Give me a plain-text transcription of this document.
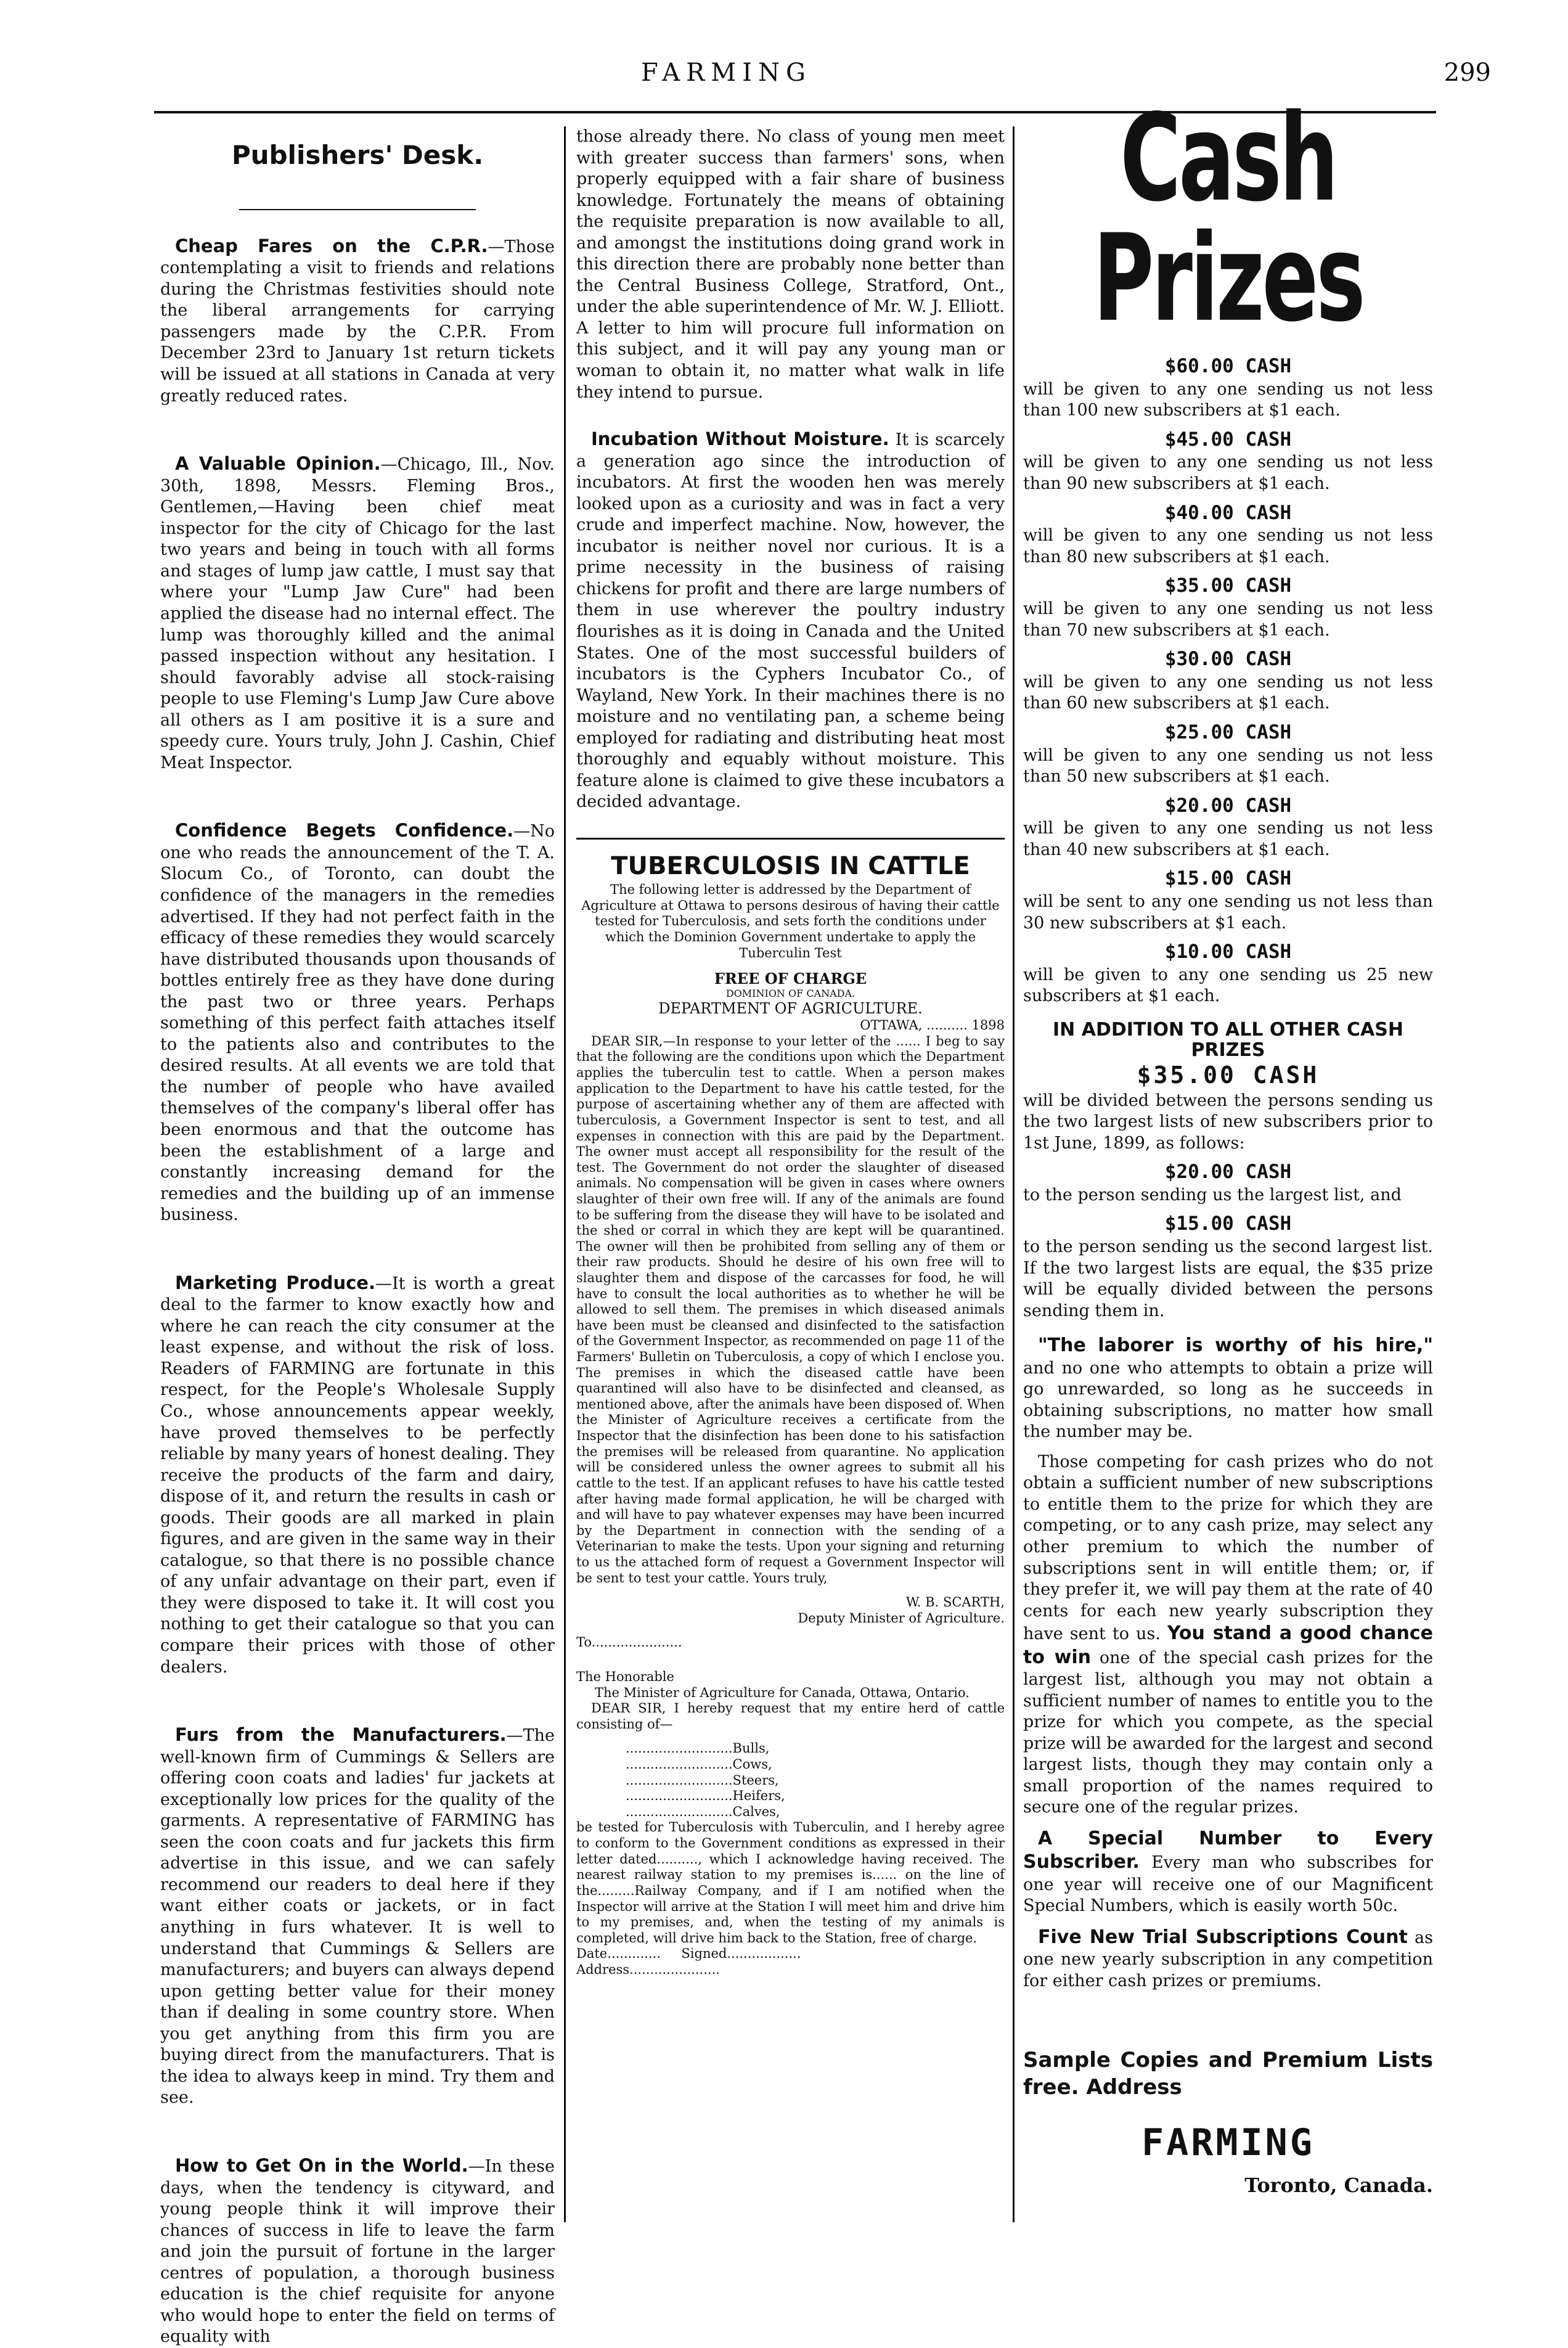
FARMING	299
Publishers' Desk.

Cheap Fares on the C.P.R.—Those contemplating a visit to friends and relations during the Christmas festivities should note the liberal arrangements for carrying passengers made by the C.P.R. From December 23rd to January 1st return tickets will be issued at all stations in Canada at very greatly reduced rates.

A Valuable Opinion.—Chicago, Ill., Nov. 30th, 1898, Messrs. Fleming Bros., Gentlemen,—Having been chief meat inspector for the city of Chicago for the last two years and being in touch with all forms and stages of lump jaw cattle, I must say that where your "Lump Jaw Cure" had been applied the disease had no internal effect. The lump was thoroughly killed and the animal passed inspection without any hesitation. I should favorably advise all stock-raising people to use Fleming's Lump Jaw Cure above all others as I am positive it is a sure and speedy cure. Yours truly, John J. Cashin, Chief Meat Inspector.

Confidence Begets Confidence.—No one who reads the announcement of the T. A. Slocum Co., of Toronto, can doubt the confidence of the managers in the remedies advertised. If they had not perfect faith in the efficacy of these remedies they would scarcely have distributed thousands upon thousands of bottles entirely free as they have done during the past two or three years. Perhaps something of this perfect faith attaches itself to the patients also and contributes to the desired results. At all events we are told that the number of people who have availed themselves of the company's liberal offer has been enormous and that the outcome has been the establishment of a large and constantly increasing demand for the remedies and the building up of an immense business.

Marketing Produce.—It is worth a great deal to the farmer to know exactly how and where he can reach the city consumer at the least expense, and without the risk of loss. Readers of FARMING are fortunate in this respect, for the People's Wholesale Supply Co., whose announcements appear weekly, have proved themselves to be perfectly reliable by many years of honest dealing. They receive the products of the farm and dairy, dispose of it, and return the results in cash or goods. Their goods are all marked in plain figures, and are given in the same way in their catalogue, so that there is no possible chance of any unfair advantage on their part, even if they were disposed to take it. It will cost you nothing to get their catalogue so that you can compare their prices with those of other dealers.

Furs from the Manufacturers.—The well-known firm of Cummings & Sellers are offering coon coats and ladies' fur jackets at exceptionally low prices for the quality of the garments. A representative of FARMING has seen the coon coats and fur jackets this firm advertise in this issue, and we can safely recommend our readers to deal here if they want either coats or jackets, or in fact anything in furs whatever. It is well to understand that Cummings & Sellers are manufacturers; and buyers can always depend upon getting better value for their money than if dealing in some country store. When you get anything from this firm you are buying direct from the manufacturers. That is the idea to always keep in mind. Try them and see.

How to Get On in the World.—In these days, when the tendency is cityward, and young people think it will improve their chances of success in life to leave the farm and join the pursuit of fortune in the larger centres of population, a thorough business education is the chief requisite for anyone who would hope to enter the field on terms of equality with

those already there. No class of young men meet with greater success than farmers' sons, when properly equipped with a fair share of business knowledge. Fortunately the means of obtaining the requisite preparation is now available to all, and amongst the institutions doing grand work in this direction there are probably none better than the Central Business College, Stratford, Ont., under the able superintendence of Mr. W. J. Elliott. A letter to him will procure full information on this subject, and it will pay any young man or woman to obtain it, no matter what walk in life they intend to pursue.

Incubation Without Moisture. It is scarcely a generation ago since the introduction of incubators. At first the wooden hen was merely looked upon as a curiosity and was in fact a very crude and imperfect machine. Now, however, the incubator is neither novel nor curious. It is a prime necessity in the business of raising chickens for profit and there are large numbers of them in use wherever the poultry industry flourishes as it is doing in Canada and the United States. One of the most successful builders of incubators is the Cyphers Incubator Co., of Wayland, New York. In their machines there is no moisture and no ventilating pan, a scheme being employed for radiating and distributing heat most thoroughly and equably without moisture. This feature alone is claimed to give these incubators a decided advantage.

TUBERCULOSIS IN CATTLE

The following letter is addressed by the Department of Agriculture at Ottawa to persons desirous of having their cattle tested for Tuberculosis, and sets forth the conditions under which the Dominion Government undertake to apply the Tuberculin Test

FREE OF CHARGE

DOMINION OF CANADA.

DEPARTMENT OF AGRICULTURE.

OTTAWA, .......... 1898

DEAR SIR,—In response to your letter of the ...... I beg to say that the following are the conditions upon which the Department applies the tuberculin test to cattle. When a person makes application to the Department to have his cattle tested, for the purpose of ascertaining whether any of them are affected with tuberculosis, a Government Inspector is sent to test, and all expenses in connection with this are paid by the Department. The owner must accept all responsibility for the result of the test. The Government do not order the slaughter of diseased animals. No compensation will be given in cases where owners slaughter of their own free will. If any of the animals are found to be suffering from the disease they will have to be isolated and the shed or corral in which they are kept will be quarantined. The owner will then be prohibited from selling any of them or their raw products. Should he desire of his own free will to slaughter them and dispose of the carcasses for food, he will have to consult the local authorities as to whether he will be allowed to sell them. The premises in which diseased animals have been must be cleansed and disinfected to the satisfaction of the Government Inspector, as recommended on page 11 of the Farmers' Bulletin on Tuberculosis, a copy of which I enclose you. The premises in which the diseased cattle have been quarantined will also have to be disinfected and cleansed, as mentioned above, after the animals have been disposed of. When the Minister of Agriculture receives a certificate from the Inspector that the disinfection has been done to his satisfaction the premises will be released from quarantine. No application will be considered unless the owner agrees to submit all his cattle to the test. If an applicant refuses to have his cattle tested after having made formal application, he will be charged with and will have to pay whatever expenses may have been incurred by the Department in connection with the sending of a Veterinarian to make the tests. Upon your signing and returning to us the attached form of request a Government Inspector will be sent to test your cattle. Yours truly,

W. B. SCARTH,

Deputy Minister of Agriculture.

To......................

The Honorable

The Minister of Agriculture for Canada, Ottawa, Ontario.

DEAR SIR, I hereby request that my entire herd of cattle consisting of—

..........................Bulls,
..........................Cows,
..........................Steers,
..........................Heifers,
..........................Calves,

be tested for Tuberculosis with Tuberculin, and I hereby agree to conform to the Government conditions as expressed in their letter dated.........., which I acknowledge having received. The nearest railway station to my premises is...... on the line of the.........Railway Company, and if I am notified when the Inspector will arrive at the Station I will meet him and drive him to my premises, and, when the testing of my animals is completed, will drive him back to the Station, free of charge.

Date............. Signed..................

Address......................

Cash Prizes
$60.00 CASH

will be given to any one sending us not less than 100 new subscribers at $1 each.

$45.00 CASH

will be given to any one sending us not less than 90 new subscribers at $1 each.

$40.00 CASH

will be given to any one sending us not less than 80 new subscribers at $1 each.

$35.00 CASH

will be given to any one sending us not less than 70 new subscribers at $1 each.

$30.00 CASH

will be given to any one sending us not less than 60 new subscribers at $1 each.

$25.00 CASH

will be given to any one sending us not less than 50 new subscribers at $1 each.

$20.00 CASH

will be given to any one sending us not less than 40 new subscribers at $1 each.

$15.00 CASH

will be sent to any one sending us not less than 30 new subscribers at $1 each.

$10.00 CASH

will be given to any one sending us 25 new subscribers at $1 each.

IN ADDITION TO ALL OTHER CASH PRIZES
$35.00 CASH

will be divided between the persons sending us the two largest lists of new subscribers prior to 1st June, 1899, as follows:

$20.00 CASH

to the person sending us the largest list, and

$15.00 CASH

to the person sending us the second largest list. If the two largest lists are equal, the $35 prize will be equally divided between the persons sending them in.

"The laborer is worthy of his hire," and no one who attempts to obtain a prize will go unrewarded, so long as he succeeds in obtaining subscriptions, no matter how small the number may be.

Those competing for cash prizes who do not obtain a sufficient number of new subscriptions to entitle them to the prize for which they are competing, or to any cash prize, may select any other premium to which the number of subscriptions sent in will entitle them; or, if they prefer it, we will pay them at the rate of 40 cents for each new yearly subscription they have sent to us. You stand a good chance to win one of the special cash prizes for the largest list, although you may not obtain a sufficient number of names to entitle you to the prize for which you compete, as the special prize will be awarded for the largest and second largest lists, though they may contain only a small proportion of the names required to secure one of the regular prizes.

A Special Number to Every Subscriber. Every man who subscribes for one year will receive one of our Magnificent Special Numbers, which is easily worth 50c.

Five New Trial Subscriptions Count as one new yearly subscription in any competition for either cash prizes or premiums.

Sample Copies and Premium Lists free. Address

FARMING
Toronto, Canada.
